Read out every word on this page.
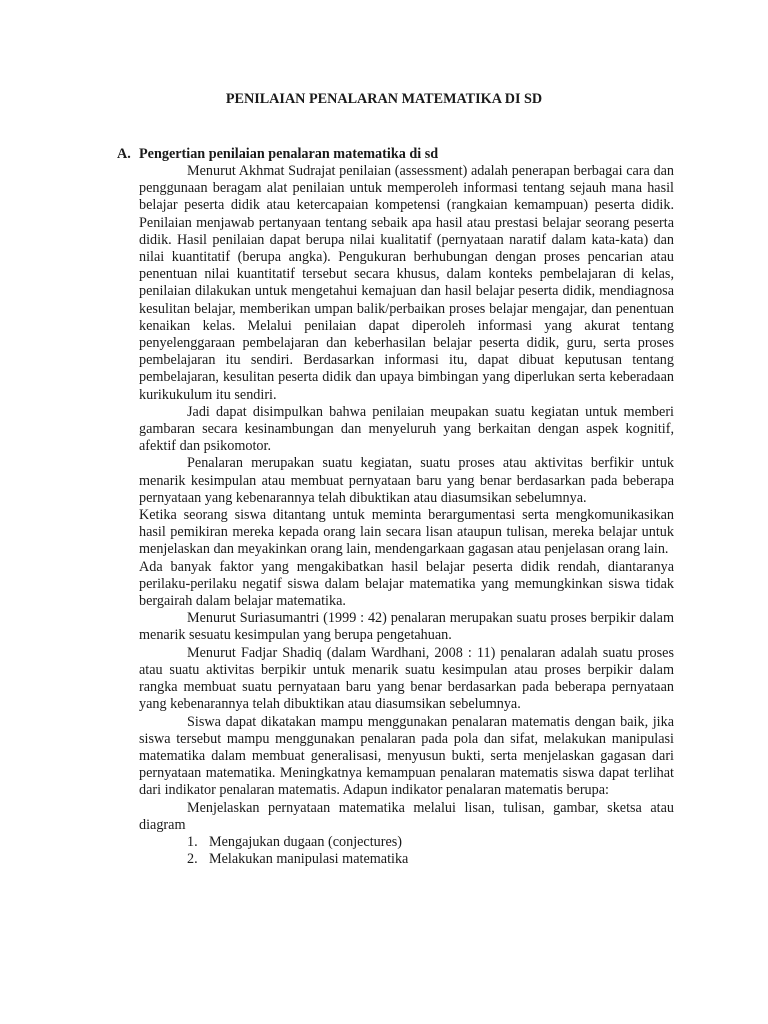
PENILAIAN PENALARAN MATEMATIKA DI SD
A. Pengertian penilaian penalaran matematika di sd

Menurut Akhmat Sudrajat penilaian (assessment) adalah penerapan berbagai cara dan penggunaan beragam alat penilaian untuk memperoleh informasi tentang sejauh mana hasil belajar peserta didik atau ketercapaian kompetensi (rangkaian kemampuan) peserta didik. Penilaian menjawab pertanyaan tentang sebaik apa hasil atau prestasi belajar seorang peserta didik. Hasil penilaian dapat berupa nilai kualitatif (pernyataan naratif dalam kata-kata) dan nilai kuantitatif (berupa angka). Pengukuran berhubungan dengan proses pencarian atau penentuan nilai kuantitatif tersebut secara khusus, dalam konteks pembelajaran di kelas, penilaian dilakukan untuk mengetahui kemajuan dan hasil belajar peserta didik, mendiagnosa kesulitan belajar, memberikan umpan balik/perbaikan proses belajar mengajar, dan penentuan kenaikan kelas. Melalui penilaian dapat diperoleh informasi yang akurat tentang penyelenggaraan pembelajaran dan keberhasilan belajar peserta didik, guru, serta proses pembelajaran itu sendiri. Berdasarkan informasi itu, dapat dibuat keputusan tentang pembelajaran, kesulitan peserta didik dan upaya bimbingan yang diperlukan serta keberadaan kurikukulum itu sendiri.

Jadi dapat disimpulkan bahwa penilaian meupakan suatu kegiatan untuk memberi gambaran secara kesinambungan dan menyeluruh yang berkaitan dengan aspek kognitif, afektif dan psikomotor.

Penalaran merupakan suatu kegiatan, suatu proses atau aktivitas berfikir untuk menarik kesimpulan atau membuat pernyataan baru yang benar berdasarkan pada beberapa pernyataan yang kebenarannya telah dibuktikan atau diasumsikan sebelumnya.

Ketika seorang siswa ditantang untuk meminta berargumentasi serta mengkomunikasikan hasil pemikiran mereka kepada orang lain secara lisan ataupun tulisan, mereka belajar untuk menjelaskan dan meyakinkan orang lain, mendengarkaan gagasan atau penjelasan orang lain.

Ada banyak faktor yang mengakibatkan hasil belajar peserta didik rendah, diantaranya perilaku-perilaku negatif siswa dalam belajar matematika yang memungkinkan siswa tidak bergairah dalam belajar matematika.

Menurut Suriasumantri (1999 : 42) penalaran merupakan suatu proses berpikir dalam menarik sesuatu kesimpulan yang berupa pengetahuan.

Menurut Fadjar Shadiq (dalam Wardhani, 2008 : 11) penalaran adalah suatu proses atau suatu aktivitas berpikir untuk menarik suatu kesimpulan atau proses berpikir dalam rangka membuat suatu pernyataan baru yang benar berdasarkan pada beberapa pernyataan yang kebenarannya telah dibuktikan atau diasumsikan sebelumnya.

Siswa dapat dikatakan mampu menggunakan penalaran matematis dengan baik, jika siswa tersebut mampu menggunakan penalaran pada pola dan sifat, melakukan manipulasi matematika dalam membuat generalisasi, menyusun bukti, serta menjelaskan gagasan dari pernyataan matematika. Meningkatnya kemampuan penalaran matematis siswa dapat terlihat dari indikator penalaran matematis. Adapun indikator penalaran matematis berupa:

Menjelaskan pernyataan matematika melalui lisan, tulisan, gambar, sketsa atau diagram

1. Mengajukan dugaan (conjectures)
2. Melakukan manipulasi matematika
